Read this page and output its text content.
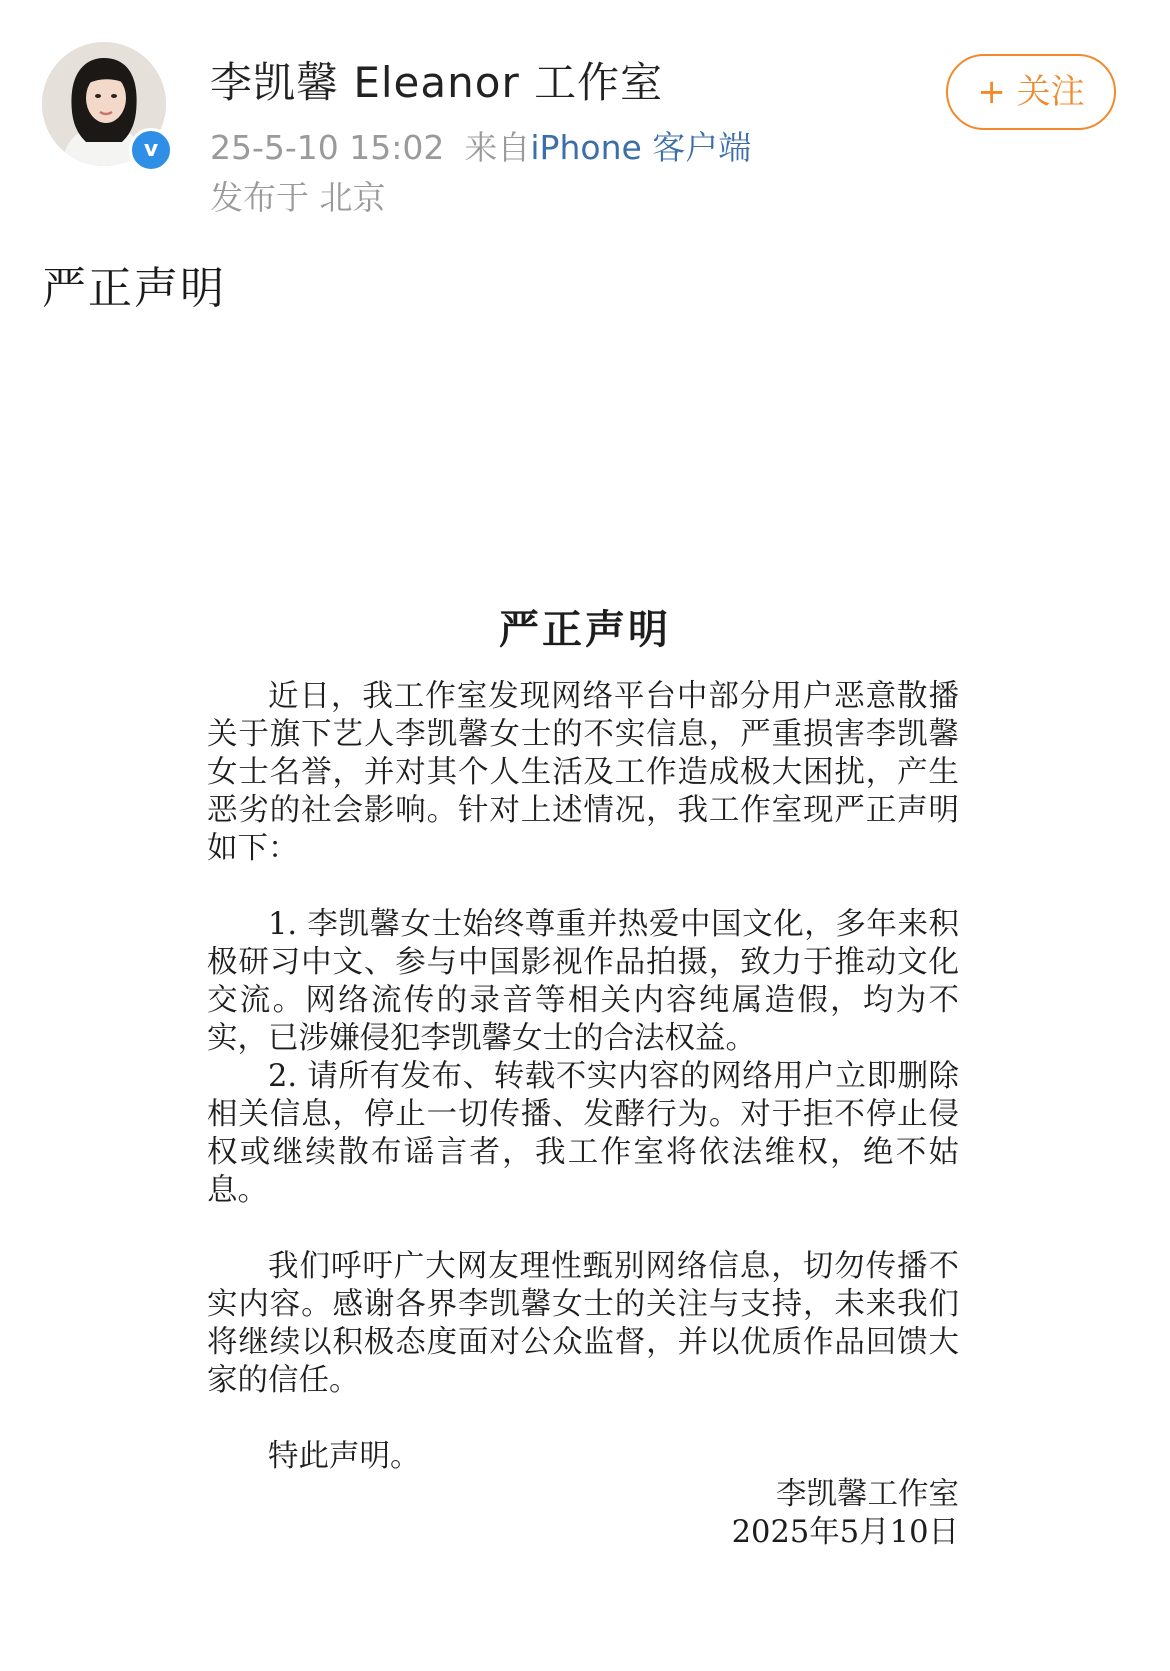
v
李凯馨 Eleanor 工作室
25-5-10 15:02 来自iPhone 客户端
发布于 北京
+ 关注
严正声明
严正声明

近日，我工作室发现网络平台中部分用户恶意散播关于旗下艺人李凯馨女士的不实信息，严重损害李凯馨女士名誉，并对其个人生活及工作造成极大困扰，产生恶劣的社会影响。针对上述情况，我工作室现严正声明如下：

1. 李凯馨女士始终尊重并热爱中国文化，多年来积极研习中文、参与中国影视作品拍摄，致力于推动文化交流。网络流传的录音等相关内容纯属造假，均为不实，已涉嫌侵犯李凯馨女士的合法权益。

2. 请所有发布、转载不实内容的网络用户立即删除相关信息，停止一切传播、发酵行为。对于拒不停止侵权或继续散布谣言者，我工作室将依法维权，绝不姑息。

我们呼吁广大网友理性甄别网络信息，切勿传播不实内容。感谢各界李凯馨女士的关注与支持，未来我们将继续以积极态度面对公众监督，并以优质作品回馈大家的信任。

特此声明。

李凯馨工作室

2025年5月10日
